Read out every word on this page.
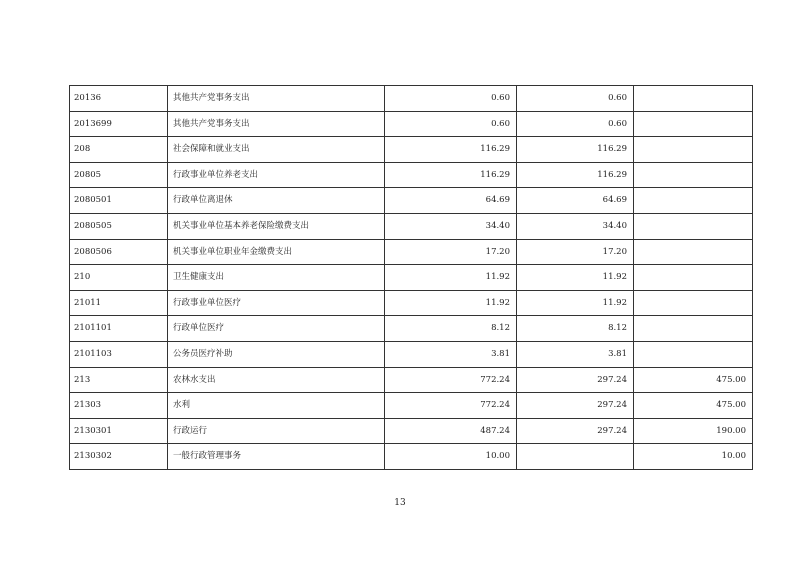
20136	其他共产党事务支出	0.60	0.60	
2013699	其他共产党事务支出	0.60	0.60	
208	社会保障和就业支出	116.29	116.29	
20805	行政事业单位养老支出	116.29	116.29	
2080501	行政单位离退休	64.69	64.69	
2080505	机关事业单位基本养老保险缴费支出	34.40	34.40	
2080506	机关事业单位职业年金缴费支出	17.20	17.20	
210	卫生健康支出	11.92	11.92	
21011	行政事业单位医疗	11.92	11.92	
2101101	行政单位医疗	8.12	8.12	
2101103	公务员医疗补助	3.81	3.81	
213	农林水支出	772.24	297.24	475.00
21303	水利	772.24	297.24	475.00
2130301	行政运行	487.24	297.24	190.00
2130302	一般行政管理事务	10.00		10.00
13
